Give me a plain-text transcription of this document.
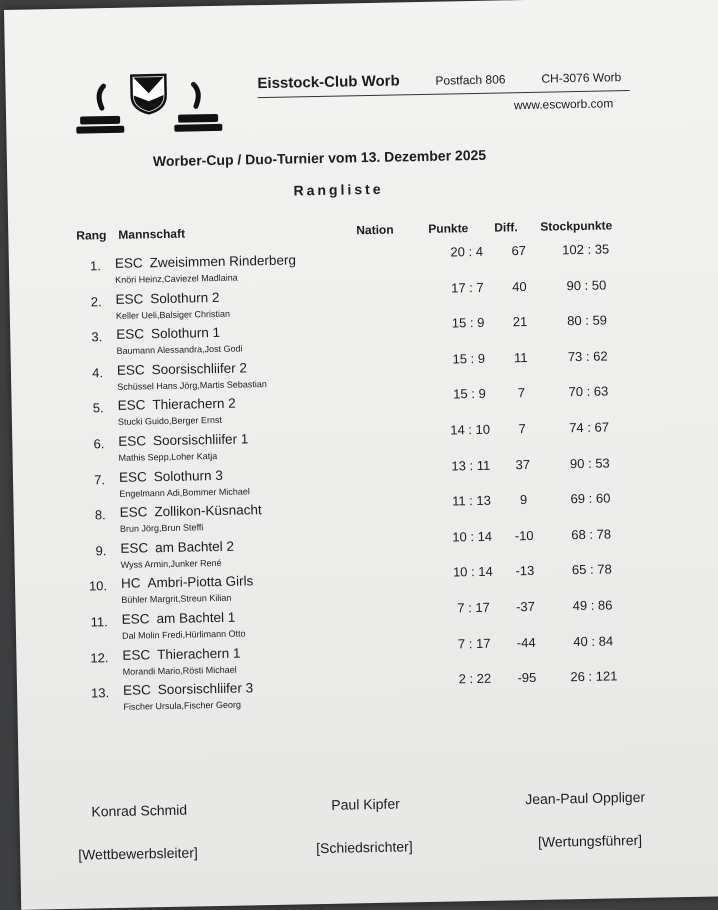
Eisstock-Club Worb	Postfach 806	CH-3076 Worb
www.escworb.com
Worber-Cup / Duo-Turnier vom 13. Dezember 2025
Rangliste
Rang Mannschaft	Nation	Punkte Diff. Stockpunkte
1. ESC Zweisimmen Rinderberg
Knöri Heinz,Caviezel Madlaina
20 : 4	67	102 : 35
2. ESC Solothurn 2
Keller Ueli,Balsiger Christian
17 : 7	40	90 : 50
3. ESC Solothurn 1
Baumann Alessandra,Jost Godi
15 : 9	21	80 : 59
4. ESC Soorsischliifer 2
Schüssel Hans Jörg,Martis Sebastian
15 : 9	11	73 : 62
5. ESC Thierachern 2
Stucki Guido,Berger Ernst
15 : 9	7	70 : 63
6. ESC Soorsischliifer 1
Mathis Sepp,Loher Katja
14 : 10	7	74 : 67
7. ESC Solothurn 3
Engelmann Adi,Bommer Michael
13 : 11	37	90 : 53
8. ESC Zollikon-Küsnacht
Brun Jörg,Brun Steffi
11 : 13	9	69 : 60
9. ESC am Bachtel 2
Wyss Armin,Junker René
10 : 14	-10	68 : 78
10. HC Ambri-Piotta Girls
Bühler Margrit,Streun Kilian
10 : 14	-13	65 : 78
11. ESC am Bachtel 1
Dal Molin Fredi,Hürlimann Otto
7 : 17	-37	49 : 86
12. ESC Thierachern 1
Morandi Mario,Rösti Michael
7 : 17	-44	40 : 84
13. ESC Soorsischliifer 3
Fischer Ursula,Fischer Georg
2 : 22	-95	26 : 121
Konrad Schmid	Paul Kipfer	Jean-Paul Oppliger
[Wettbewerbsleiter]	[Schiedsrichter]	[Wertungsführer]
